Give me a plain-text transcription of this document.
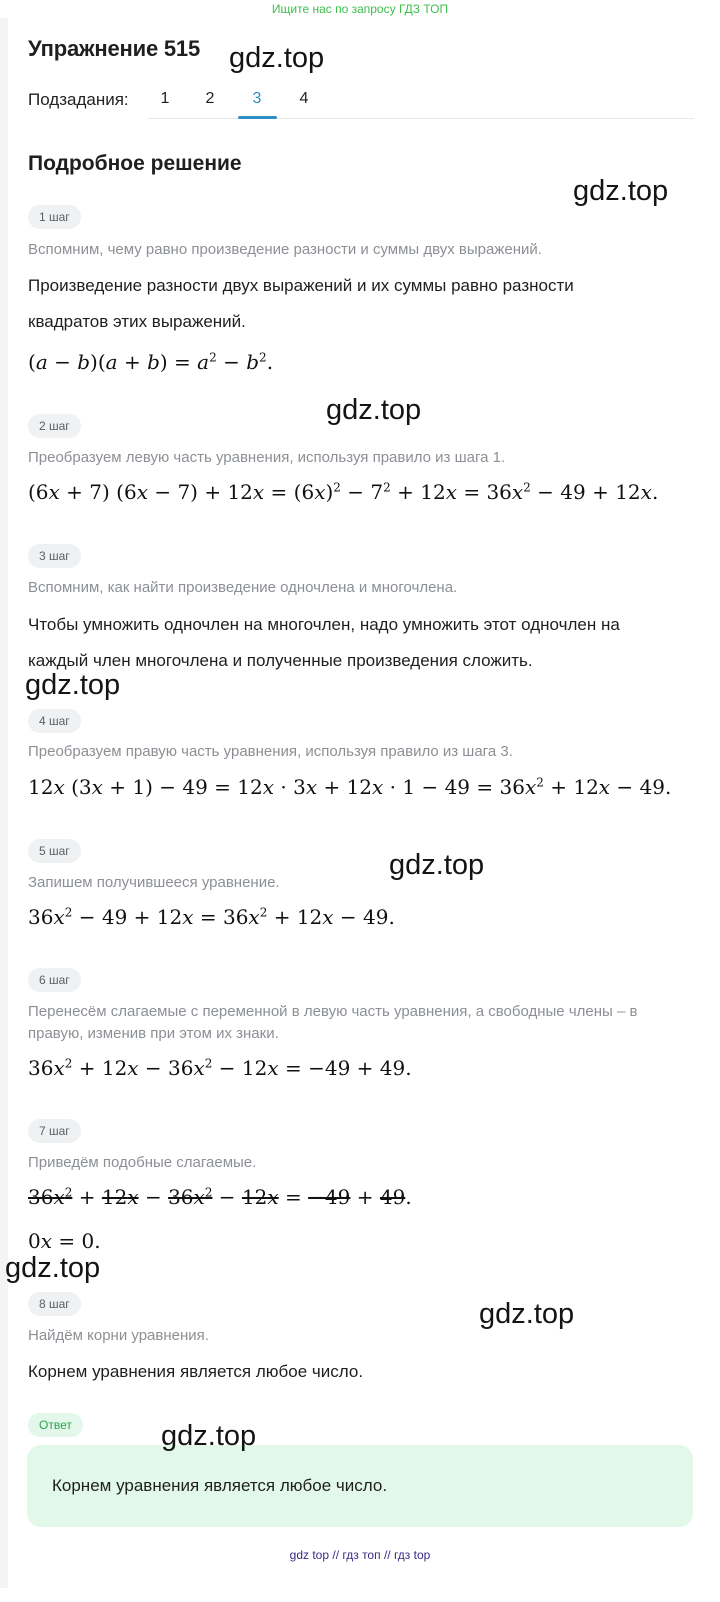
Ищите нас по запросу ГДЗ ТОП
Упражнение 515
Подзадания:	1	2	3	4
Подробное решение
1 шаг
Вспомним, чему равно произведение разности и суммы двух выражений.
Произведение разности двух выражений и их суммы равно разности
квадратов этих выражений.
$(a - b)(a + b) = a^2 - b^2$.
2 шаг
Преобразуем левую часть уравнения, используя правило из шага 1.
(6x + 7) $(6x - 7) + 12x = (6x)^2 - 7^2 + 12x = 36x^2 - 49 + 12x$.
3 шаг
Вспомним, как найти произведение одночлена и многочлена.
Чтобы умножить одночлен на многочлен, надо умножить этот одночлен на
каждый член многочлена и полученные произведения сложить.
4 шаг
Преобразуем правую часть уравнения, используя правило из шага 3.
12x $(3x + 1) - 49 = 12x \cdot 3x + 12x \cdot 1 - 49 = 36x^2 + 12x - 49$.
5 шаг
Запишем получившееся уравнение.
$36x^2 - 49 + 12x = 36x^2 + 12x - 49$.
6 шаг
Перенесём слагаемые с переменной в левую часть уравнения, а свободные члены – в
правую, изменив при этом их знаки.
$36x^2 + 12x - 36x^2 - 12x = -49 + 49$.
7 шаг
Приведём подобные слагаемые.
$36x^2 + 12x - 36x^2 - 12x = -49 + 49$.
0x = 0.
8 шаг
Найдём корни уравнения.
Корнем уравнения является любое число.
Ответ
Корнем уравнения является любое число.
gdz.top
gdz.top
gdz.top
gdz.top
gdz.top
gdz.top
gdz.top
gdz.top
gdz top // гдз топ // гдз top
